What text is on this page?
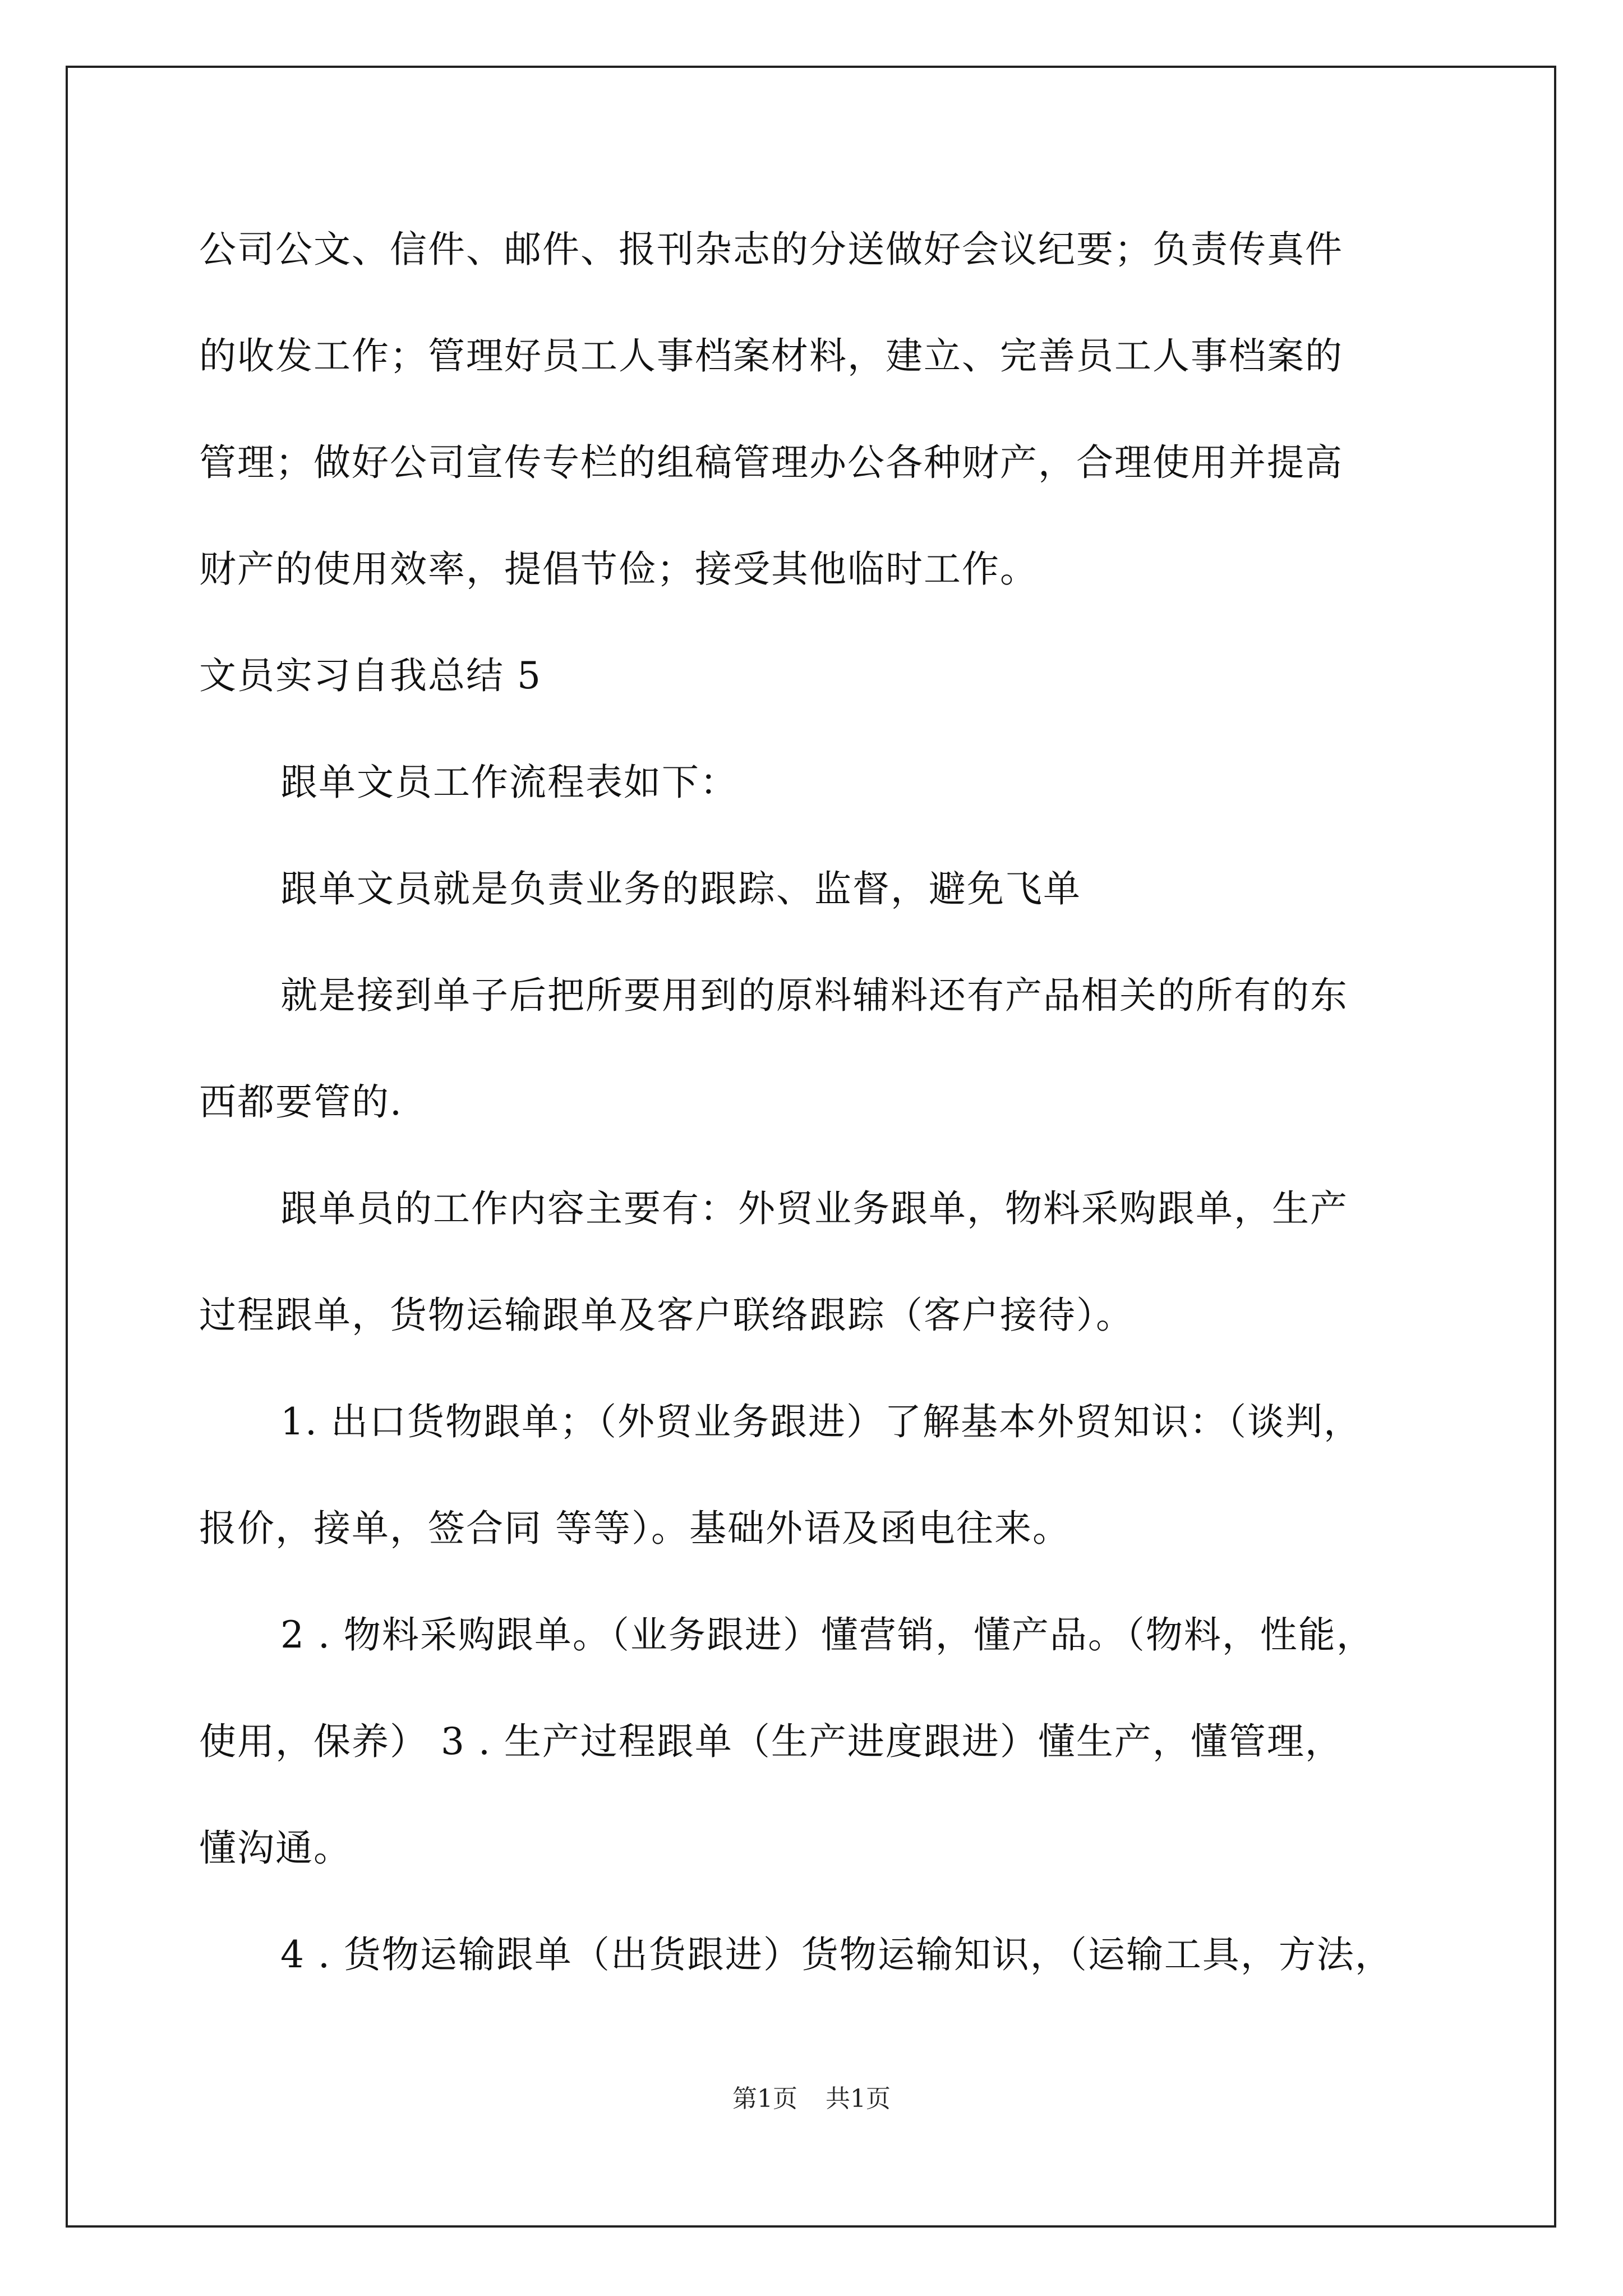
公司公文、信件、邮件、报刊杂志的分送做好会议纪要；负责传真件

的收发工作；管理好员工人事档案材料，建立、完善员工人事档案的

管理；做好公司宣传专栏的组稿管理办公各种财产，合理使用并提高

财产的使用效率，提倡节俭；接受其他临时工作。

文员实习自我总结 5

跟单文员工作流程表如下：

跟单文员就是负责业务的跟踪、监督，避免飞单

就是接到单子后把所要用到的原料辅料还有产品相关的所有的东

西都要管的.

跟单员的工作内容主要有：外贸业务跟单，物料采购跟单，生产

过程跟单，货物运输跟单及客户联络跟踪（客户接待）。

1. 出口货物跟单；（外贸业务跟进）了解基本外贸知识：（谈判，

报价，接单，签合同 等等）。基础外语及函电往来。

2 . 物料采购跟单。（业务跟进）懂营销，懂产品。（物料，性能，

使用，保养） 3 . 生产过程跟单（生产进度跟进）懂生产，懂管理，

懂沟通。

4 . 货物运输跟单（出货跟进）货物运输知识，（运输工具，方法，

第1页 共1页
